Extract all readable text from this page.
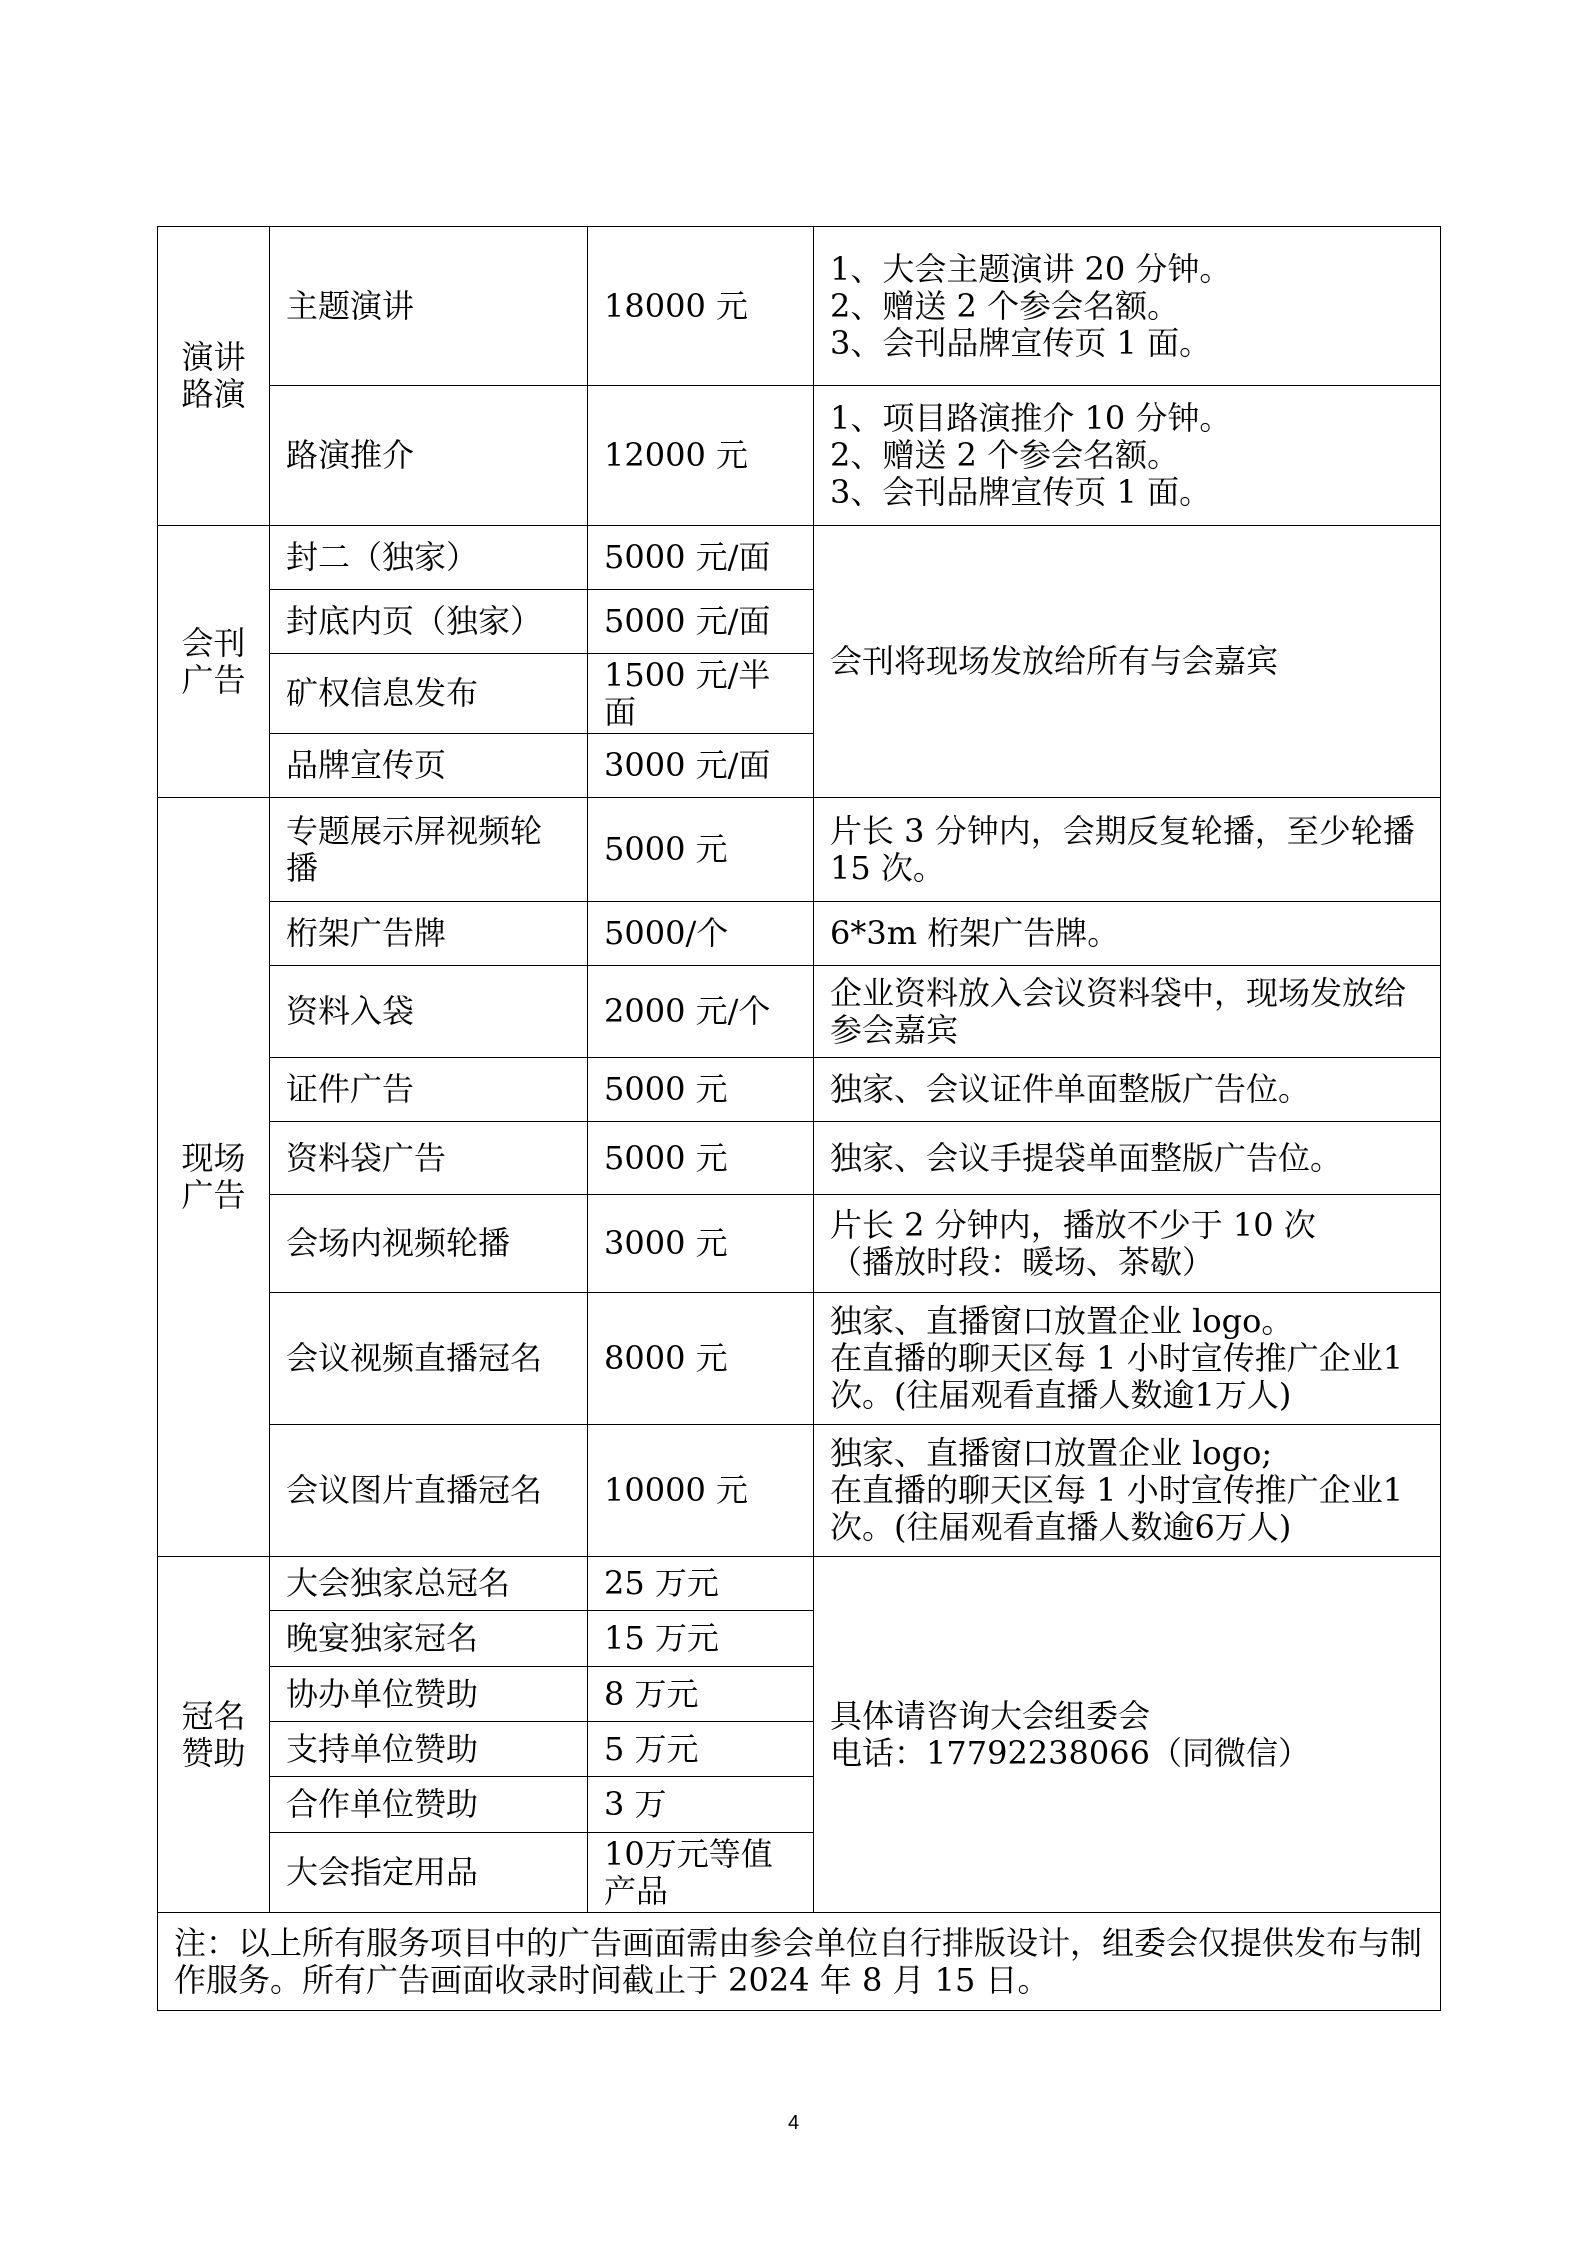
演讲
路演	主题演讲	18000 元	1、大会主题演讲 20 分钟。
2、赠送 2 个参会名额。
3、会刊品牌宣传页 1 面。

	路演推介	12000 元	1、项目路演推介 10 分钟。
2、赠送 2 个参会名额。
3、会刊品牌宣传页 1 面。

会刊
广告	封二（独家）	5000 元/面	会刊将现场发放给所有与会嘉宾
	封底内页（独家）	5000 元/面	
	矿权信息发布	1500 元/半面	
	品牌宣传页	3000 元/面	
现场
广告	专题展示屏视频轮播	5000 元	片长 3 分钟内，会期反复轮播，至少轮播 15 次。
	桁架广告牌	5000/个	6*3m 桁架广告牌。
	资料入袋	2000 元/个	企业资料放入会议资料袋中，现场发放给参会嘉宾
	证件广告	5000 元	独家、会议证件单面整版广告位。
	资料袋广告	5000 元	独家、会议手提袋单面整版广告位。
	会场内视频轮播	3000 元	片长 2 分钟内，播放不少于 10 次
（播放时段：暖场、茶歇）

	会议视频直播冠名	8000 元	独家、直播窗口放置企业 logo。
在直播的聊天区每 1 小时宣传推广企业1次。(往届观看直播人数逾1万人)

	会议图片直播冠名	10000 元	独家、直播窗口放置企业 logo;
在直播的聊天区每 1 小时宣传推广企业1次。(往届观看直播人数逾6万人)

冠名
赞助	大会独家总冠名	25 万元	具体请咨询大会组委会
电话：17792238066（同微信）

	晚宴独家冠名	15 万元	
	协办单位赞助	8 万元	
	支持单位赞助	5 万元	
	合作单位赞助	3 万	
	大会指定用品	10万元等值产品	
注：以上所有服务项目中的广告画面需由参会单位自行排版设计，组委会仅提供发布与制作服务。所有广告画面收录时间截止于 2024 年 8 月 15 日。			
4
